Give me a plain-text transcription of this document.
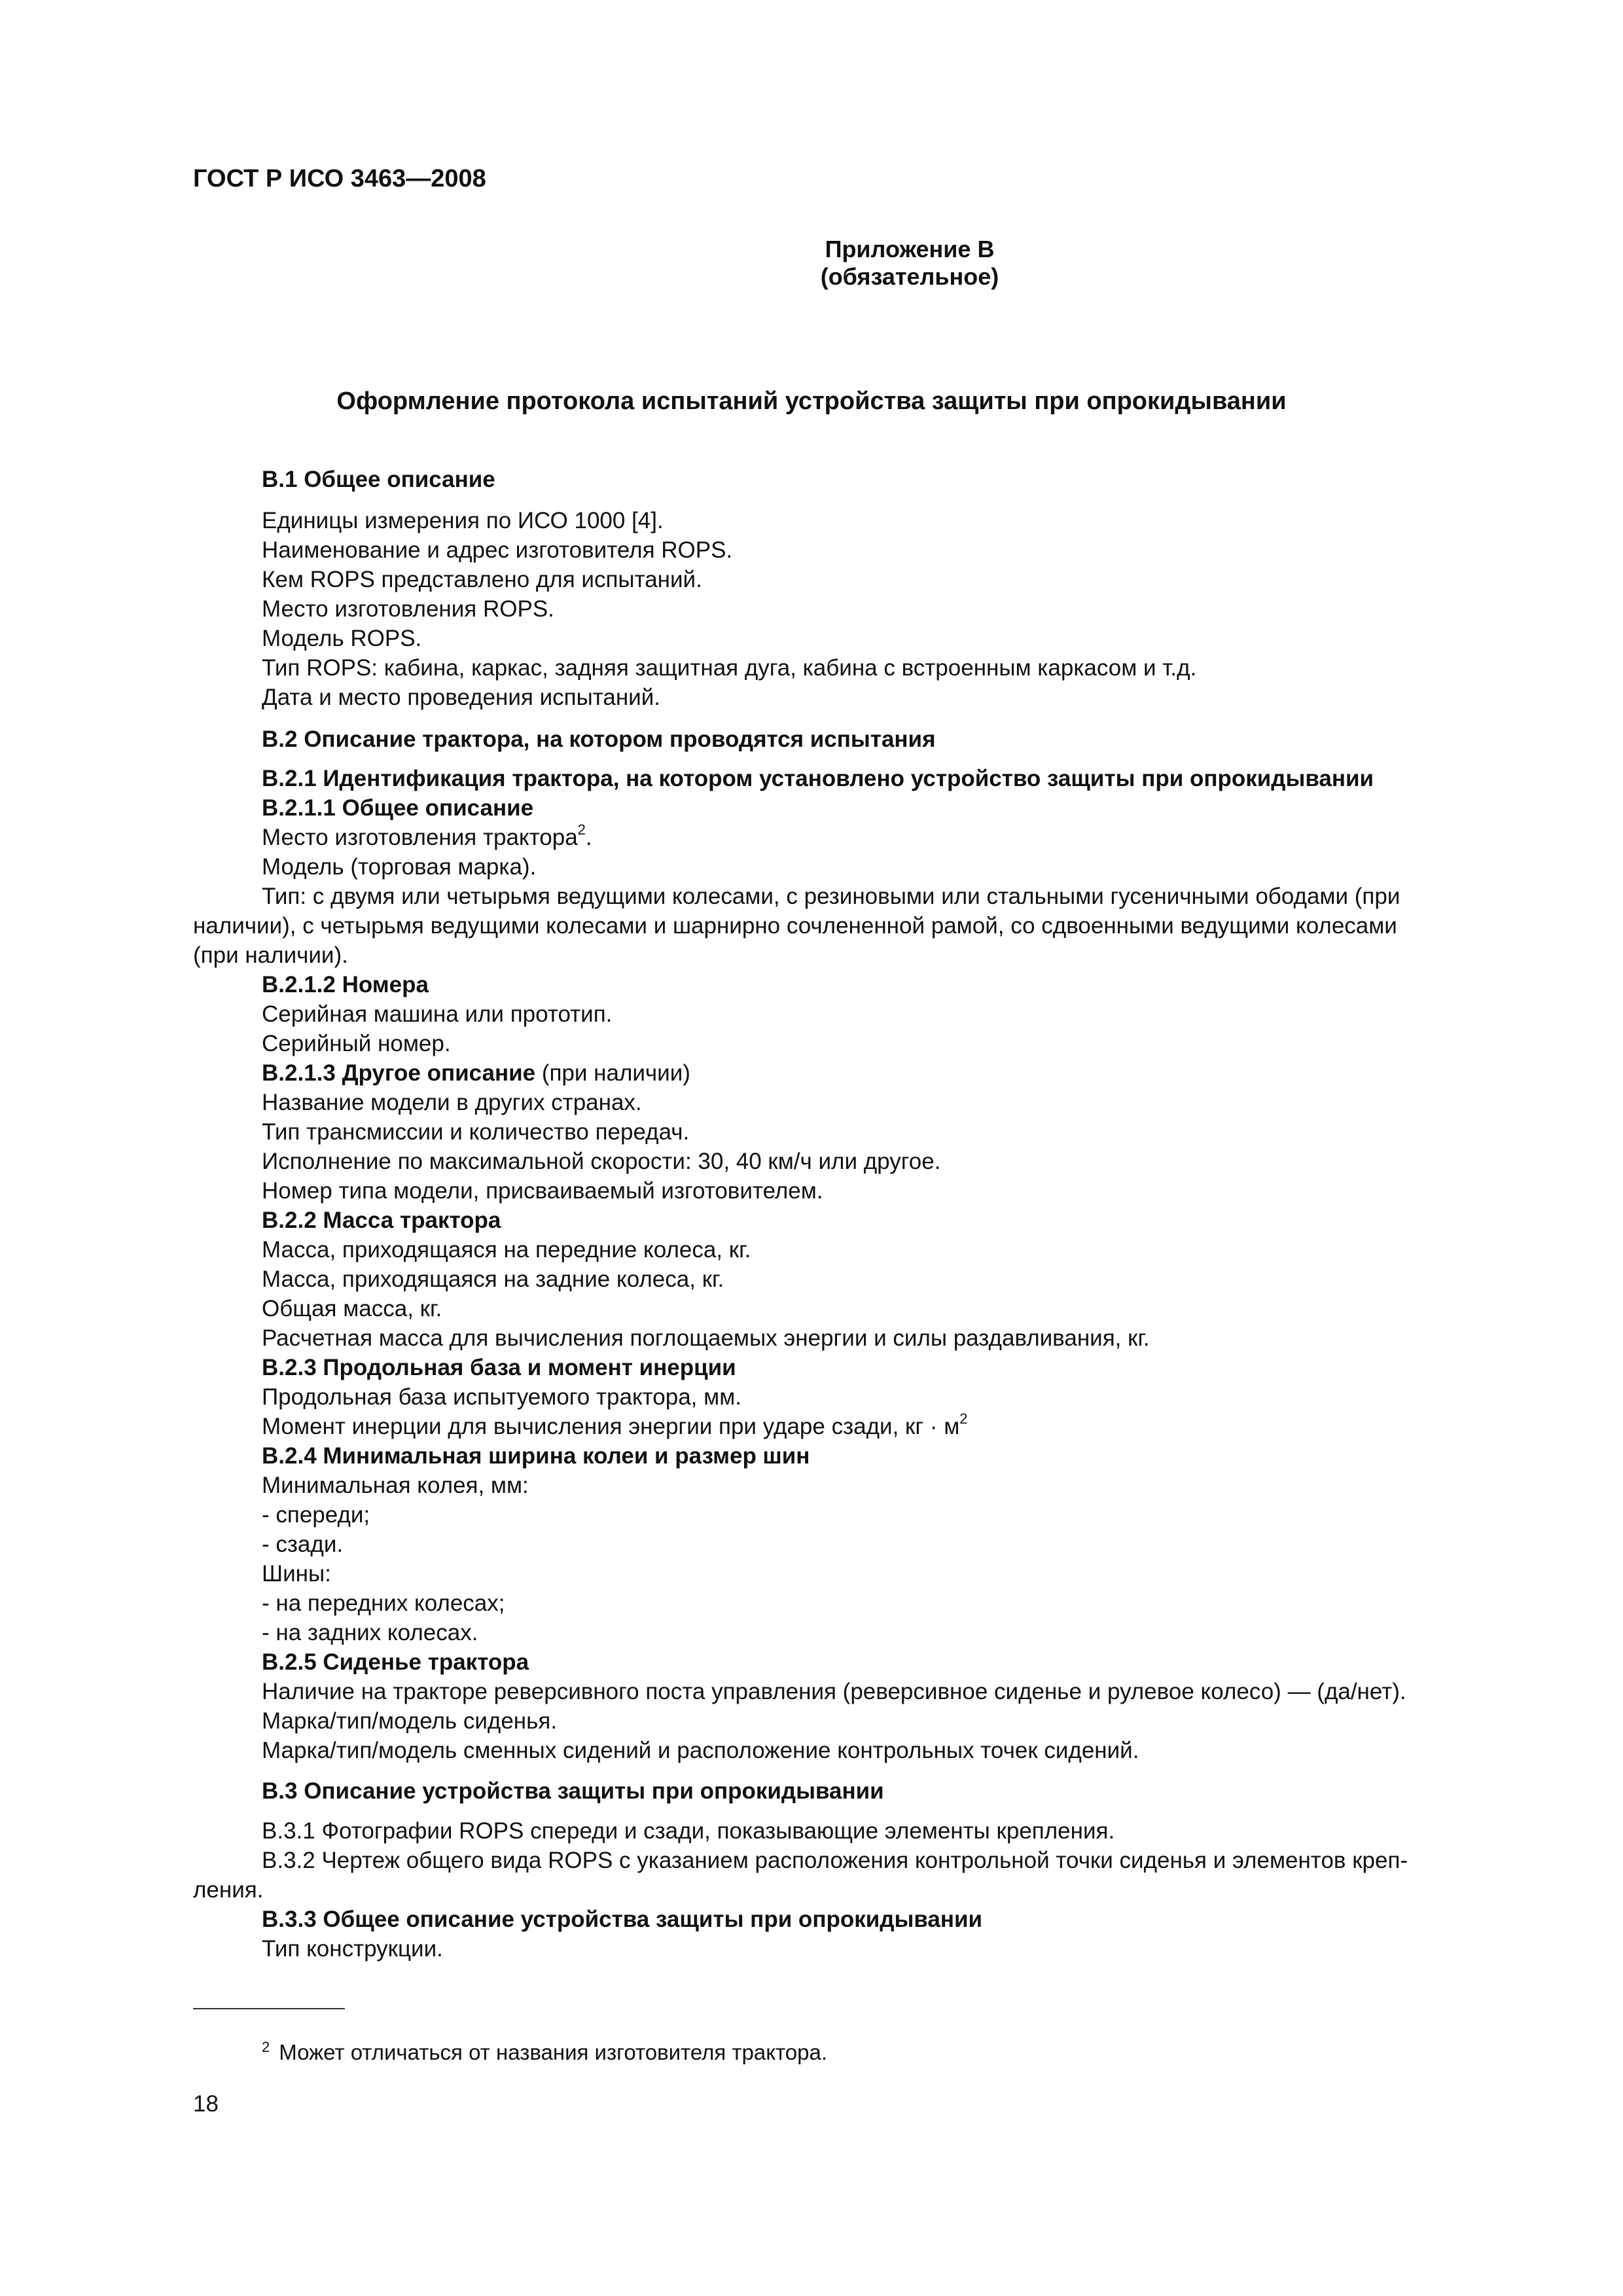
ГОСТ Р ИСО 3463—2008
Приложение В
(обязательное)
Оформление протокола испытаний устройства защиты при опрокидывании
В.1 Общее описание
Единицы измерения по ИСО 1000 [4].
Наименование и адрес изготовителя ROPS.
Кем ROPS представлено для испытаний.
Место изготовления ROPS.
Модель ROPS.
Тип ROPS: кабина, каркас, задняя защитная дуга, кабина с встроенным каркасом и т.д.
Дата и место проведения испытаний.
В.2 Описание трактора, на котором проводятся испытания
В.2.1 Идентификация трактора, на котором установлено устройство защиты при опрокидывании
В.2.1.1 Общее описание
Место изготовления трактора$^2$.
Модель (торговая марка).
Тип: с двумя или четырьмя ведущими колесами, с резиновыми или стальными гусеничными ободами (при
наличии), с четырьмя ведущими колесами и шарнирно сочлененной рамой, со сдвоенными ведущими колесами
(при наличии).
В.2.1.2 Номера
Серийная машина или прототип.
Серийный номер.
В.2.1.3 Другое описание (при наличии)
Название модели в других странах.
Тип трансмиссии и количество передач.
Исполнение по максимальной скорости: 30, 40 км/ч или другое.
Номер типа модели, присваиваемый изготовителем.
В.2.2 Масса трактора
Масса, приходящаяся на передние колеса, кг.
Масса, приходящаяся на задние колеса, кг.
Общая масса, кг.
Расчетная масса для вычисления поглощаемых энергии и силы раздавливания, кг.
В.2.3 Продольная база и момент инерции
Продольная база испытуемого трактора, мм.
Момент инерции для вычисления энергии при ударе сзади, кг · $м^2$
В.2.4 Минимальная ширина колеи и размер шин
Минимальная колея, мм:
- спереди;
- сзади.
Шины:
- на передних колесах;
- на задних колесах.
В.2.5 Сиденье трактора
Наличие на тракторе реверсивного поста управления (реверсивное сиденье и рулевое колесо) — (да/нет).
Марка/тип/модель сиденья.
Марка/тип/модель сменных сидений и расположение контрольных точек сидений.
В.3 Описание устройства защиты при опрокидывании
В.3.1 Фотографии ROPS спереди и сзади, показывающие элементы крепления.
В.3.2 Чертеж общего вида ROPS с указанием расположения контрольной точки сиденья и элементов креп-
ления.
В.3.3 Общее описание устройства защиты при опрокидывании
Тип конструкции.
$^2$ Может отличаться от названия изготовителя трактора.
18
